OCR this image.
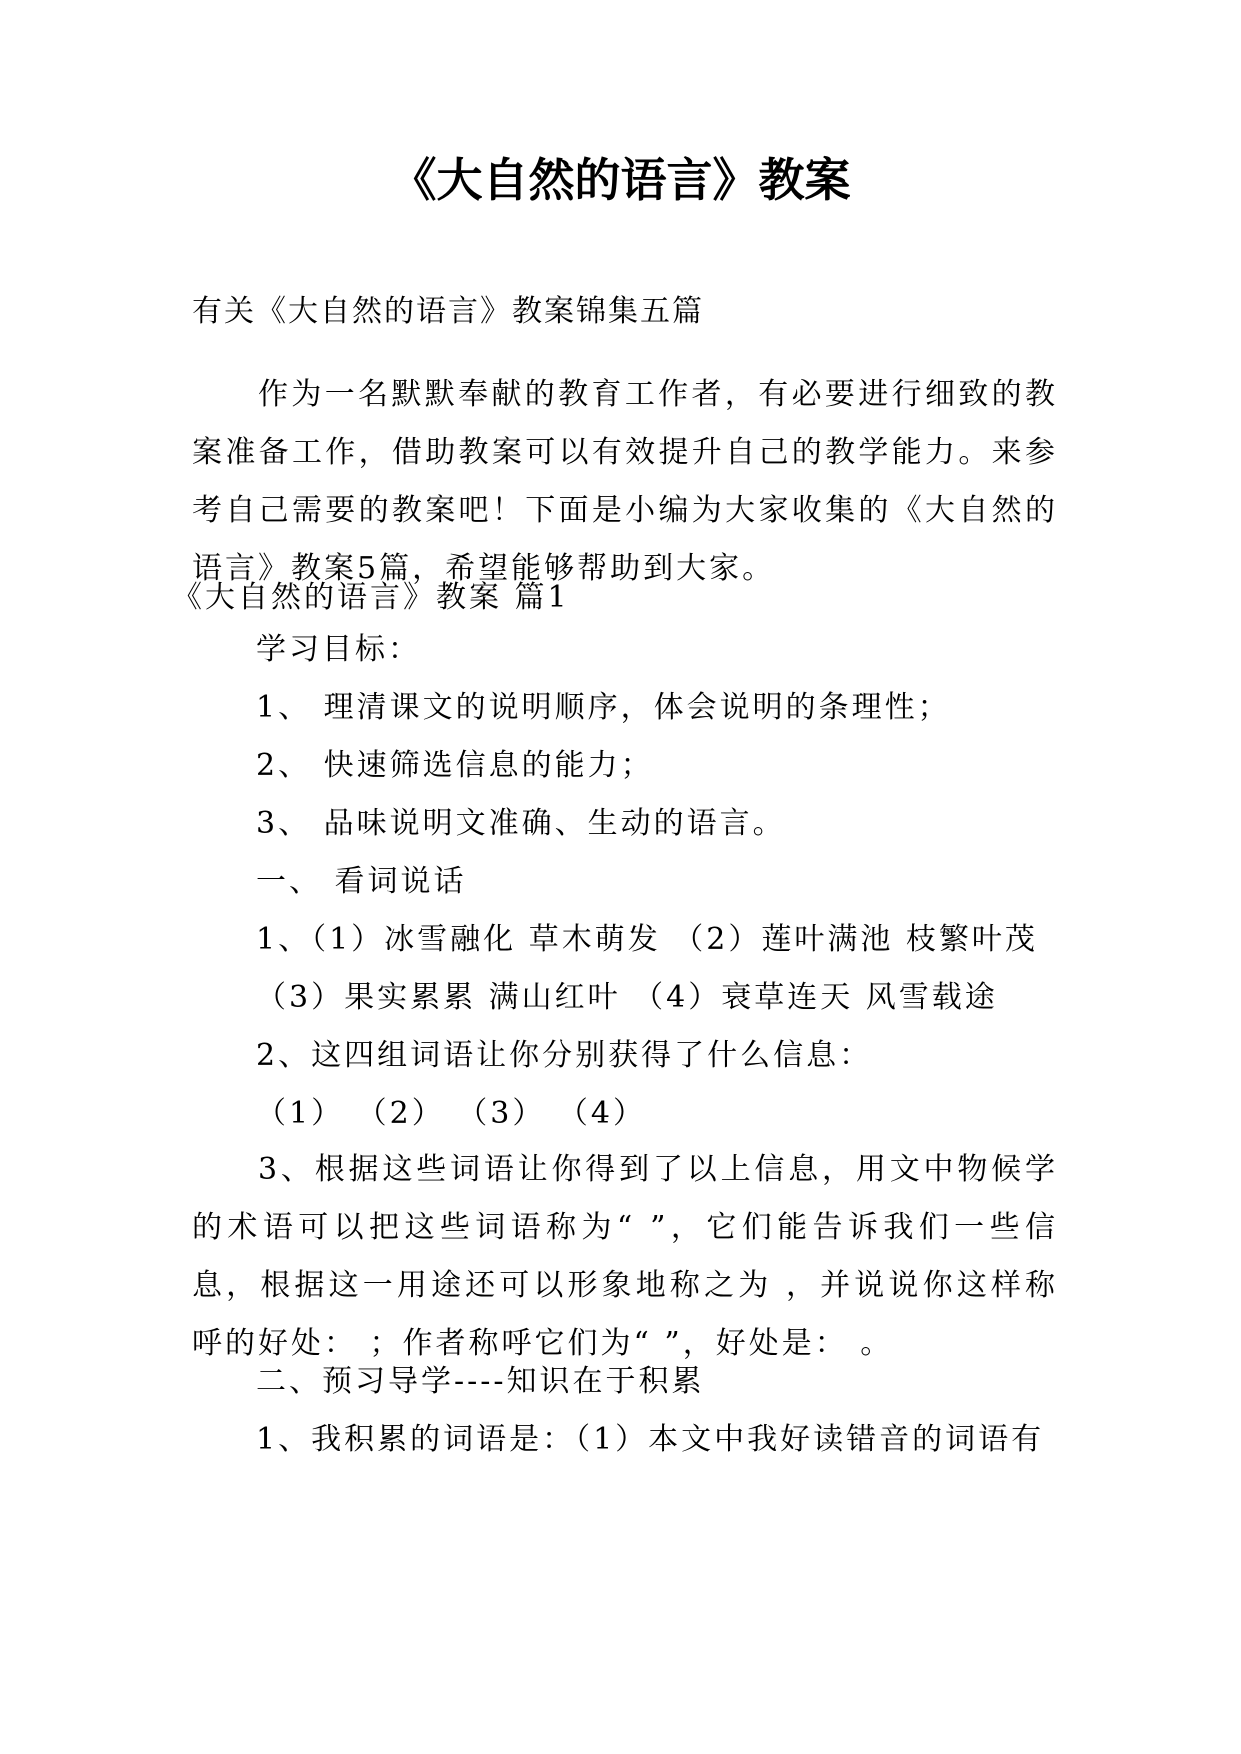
《大自然的语言》教案

有关《大自然的语言》教案锦集五篇

作为一名默默奉献的教育工作者，有必要进行细致的教案准备工作，借助教案可以有效提升自己的教学能力。来参考自己需要的教案吧！下面是小编为大家收集的《大自然的语言》教案5篇，希望能够帮助到大家。

《大自然的语言》教案 篇1

学习目标：

1、 理清课文的说明顺序，体会说明的条理性；

2、 快速筛选信息的能力；

3、 品味说明文准确、生动的语言。

一、 看词说话

1、（1）冰雪融化 草木萌发 （2）莲叶满池 枝繁叶茂

（3）果实累累 满山红叶 （4）衰草连天 风雪载途

2、这四组词语让你分别获得了什么信息：

（1） （2） （3） （4）

3、根据这些词语让你得到了以上信息，用文中物候学的术语可以把这些词语称为“ ”，它们能告诉我们一些信息，根据这一用途还可以形象地称之为 ，并说说你这样称呼的好处： ；作者称呼它们为“ ”，好处是： 。

二、预习导学----知识在于积累

1、我积累的词语是：（1）本文中我好读错音的词语有
